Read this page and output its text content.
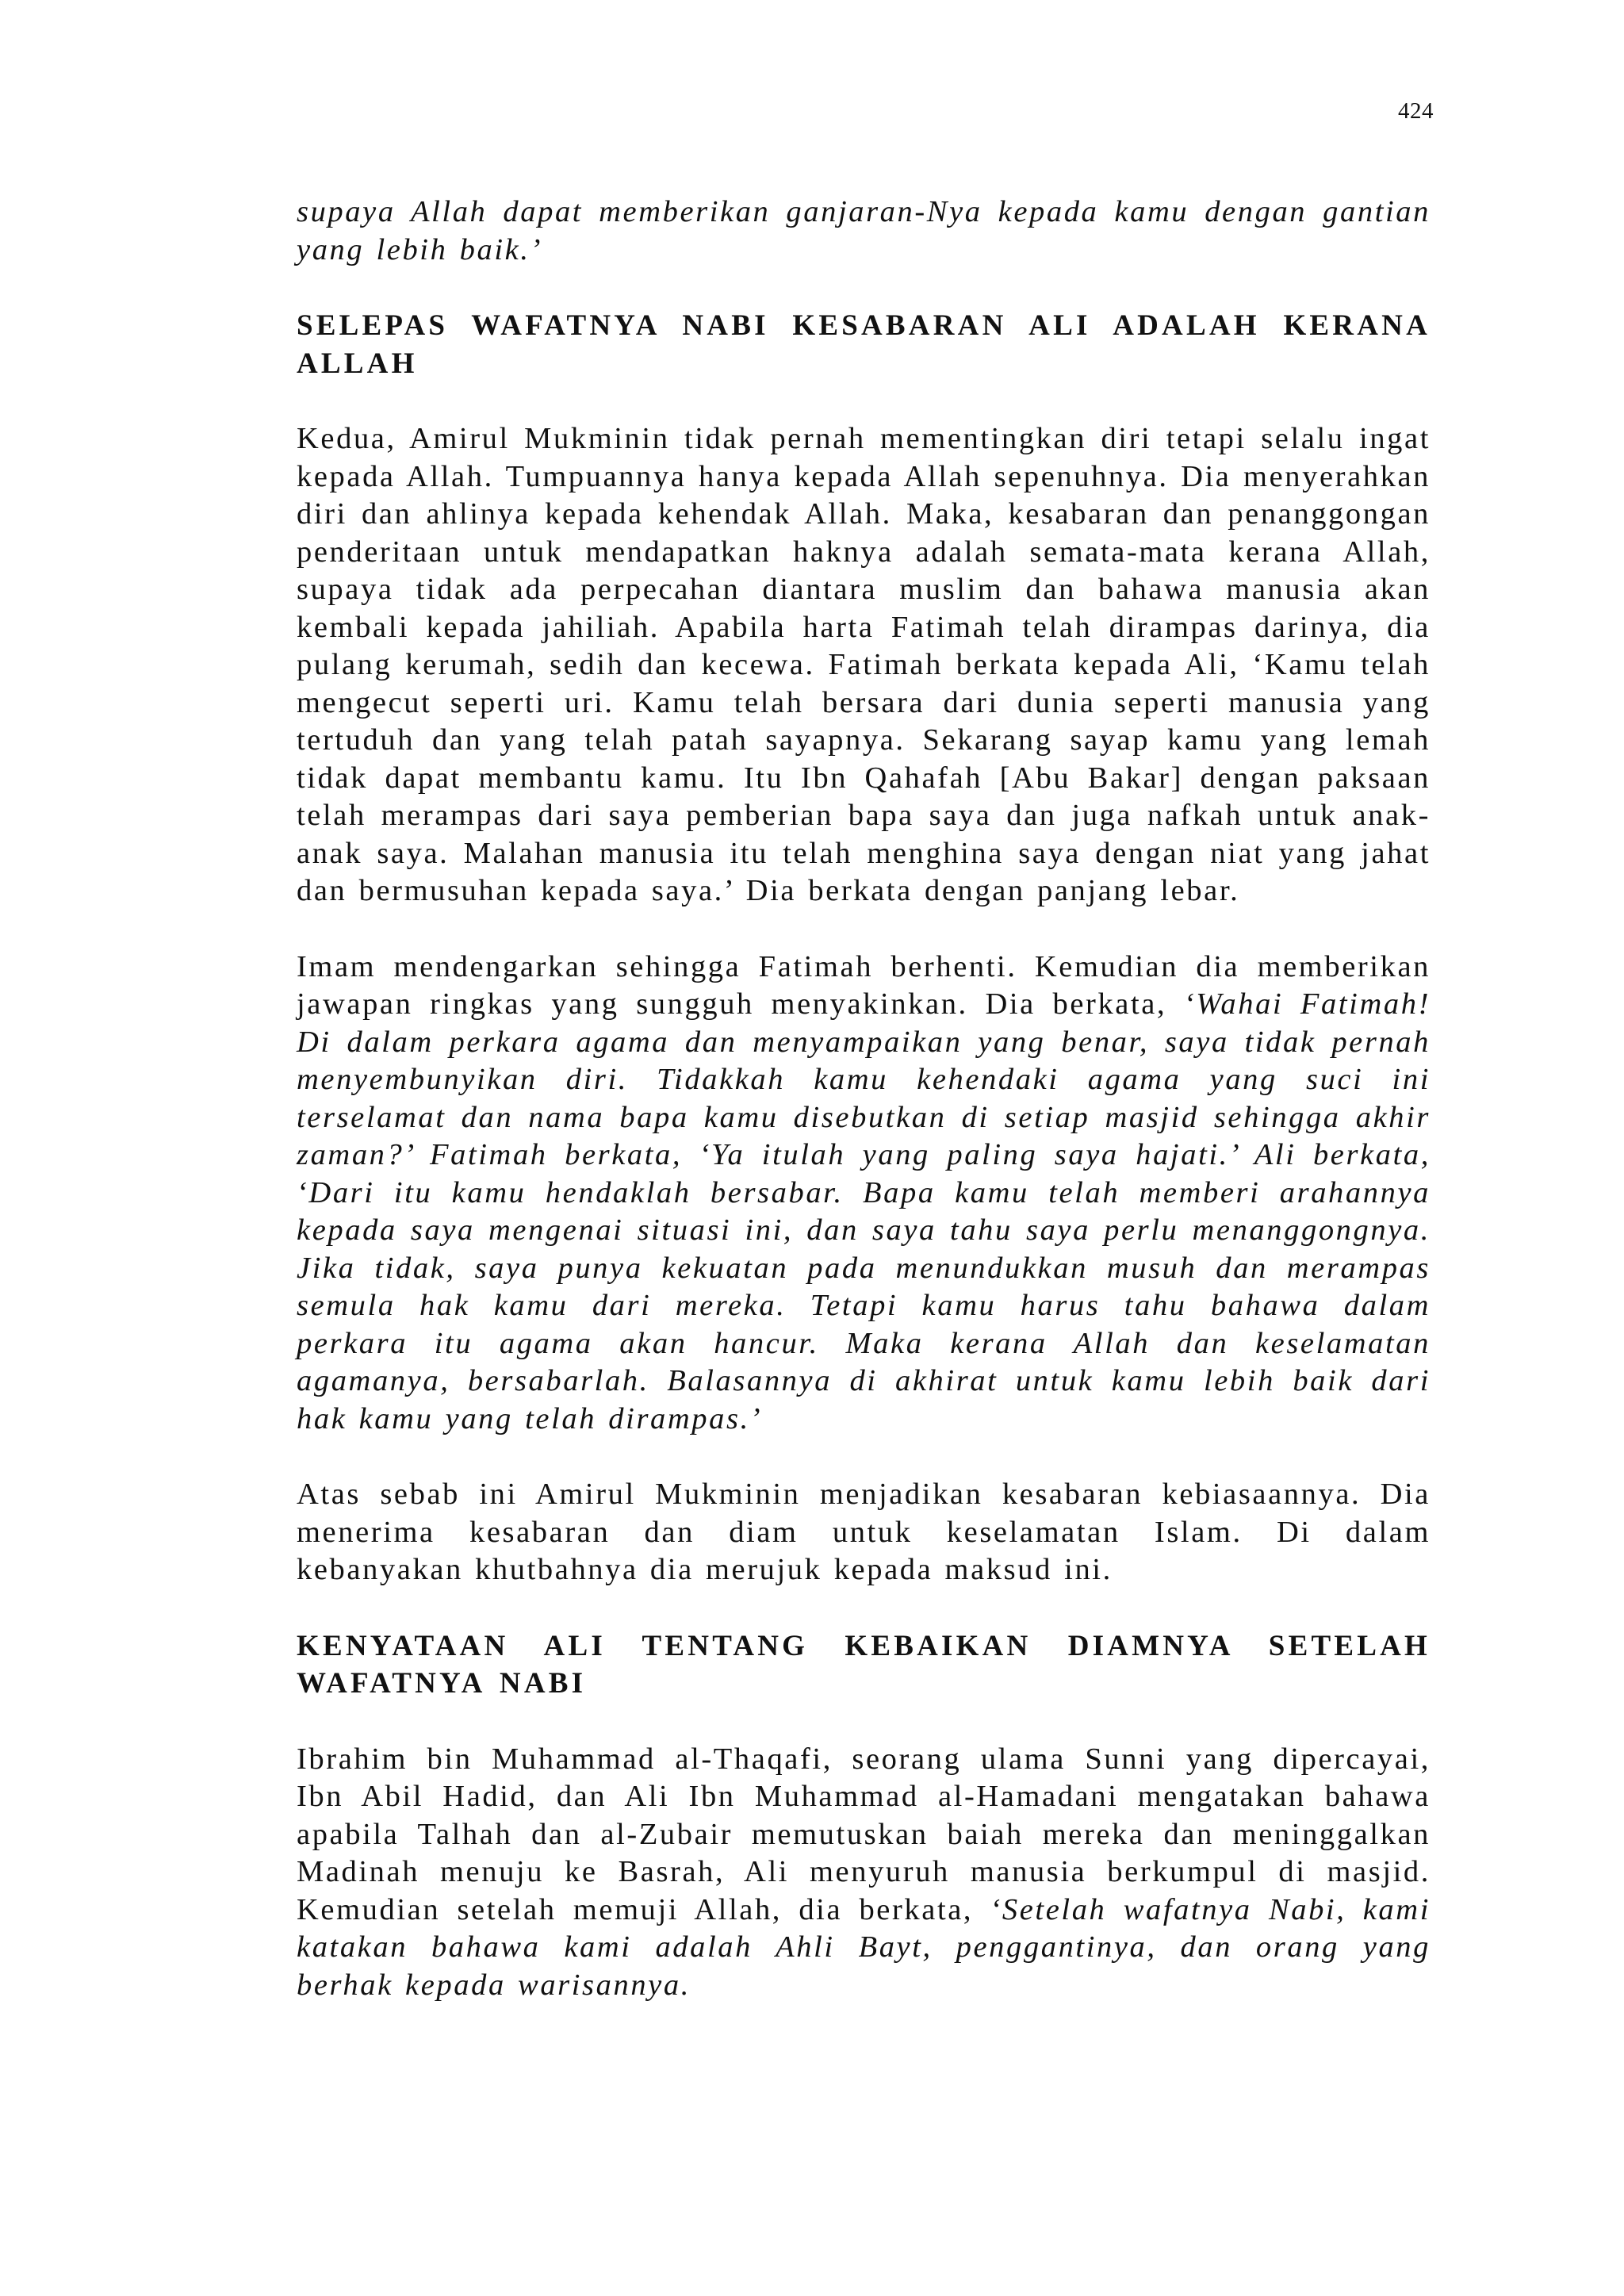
424

supaya Allah dapat memberikan ganjaran-Nya kepada kamu dengan gantian yang lebih baik.’

SELEPAS WAFATNYA NABI KESABARAN ALI ADALAH KERANA ALLAH

Kedua, Amirul Mukminin tidak pernah mementingkan diri tetapi selalu ingat kepada Allah. Tumpuannya hanya kepada Allah sepenuhnya. Dia menyerahkan diri dan ahlinya kepada kehendak Allah. Maka, kesabaran dan penanggongan penderitaan untuk mendapatkan haknya adalah semata-mata kerana Allah, supaya tidak ada perpecahan diantara muslim dan bahawa manusia akan kembali kepada jahiliah. Apabila harta Fatimah telah dirampas darinya, dia pulang kerumah, sedih dan kecewa. Fatimah berkata kepada Ali, ‘Kamu telah mengecut seperti uri. Kamu telah bersara dari dunia seperti manusia yang tertuduh dan yang telah patah sayapnya. Sekarang sayap kamu yang lemah tidak dapat membantu kamu. Itu Ibn Qahafah [Abu Bakar] dengan paksaan telah merampas dari saya pemberian bapa saya dan juga nafkah untuk anak-anak saya. Malahan manusia itu telah menghina saya dengan niat yang jahat dan bermusuhan kepada saya.’ Dia berkata dengan panjang lebar.

Imam mendengarkan sehingga Fatimah berhenti. Kemudian dia memberikan jawapan ringkas yang sungguh menyakinkan. Dia berkata, ‘Wahai Fatimah! Di dalam perkara agama dan menyampaikan yang benar, saya tidak pernah menyembunyikan diri. Tidakkah kamu kehendaki agama yang suci ini terselamat dan nama bapa kamu disebutkan di setiap masjid sehingga akhir zaman?’ Fatimah berkata, ‘Ya itulah yang paling saya hajati.’ Ali berkata, ‘Dari itu kamu hendaklah bersabar. Bapa kamu telah memberi arahannya kepada saya mengenai situasi ini, dan saya tahu saya perlu menanggongnya. Jika tidak, saya punya kekuatan pada menundukkan musuh dan merampas semula hak kamu dari mereka. Tetapi kamu harus tahu bahawa dalam perkara itu agama akan hancur. Maka kerana Allah dan keselamatan agamanya, bersabarlah. Balasannya di akhirat untuk kamu lebih baik dari hak kamu yang telah dirampas.’

Atas sebab ini Amirul Mukminin menjadikan kesabaran kebiasaannya. Dia menerima kesabaran dan diam untuk keselamatan Islam. Di dalam kebanyakan khutbahnya dia merujuk kepada maksud ini.

KENYATAAN ALI TENTANG KEBAIKAN DIAMNYA SETELAH WAFATNYA NABI

Ibrahim bin Muhammad al-Thaqafi, seorang ulama Sunni yang dipercayai, Ibn Abil Hadid, dan Ali Ibn Muhammad al-Hamadani mengatakan bahawa apabila Talhah dan al-Zubair memutuskan baiah mereka dan meninggalkan Madinah menuju ke Basrah, Ali menyuruh manusia berkumpul di masjid. Kemudian setelah memuji Allah, dia berkata, ‘Setelah wafatnya Nabi, kami katakan bahawa kami adalah Ahli Bayt, penggantinya, dan orang yang berhak kepada warisannya.
